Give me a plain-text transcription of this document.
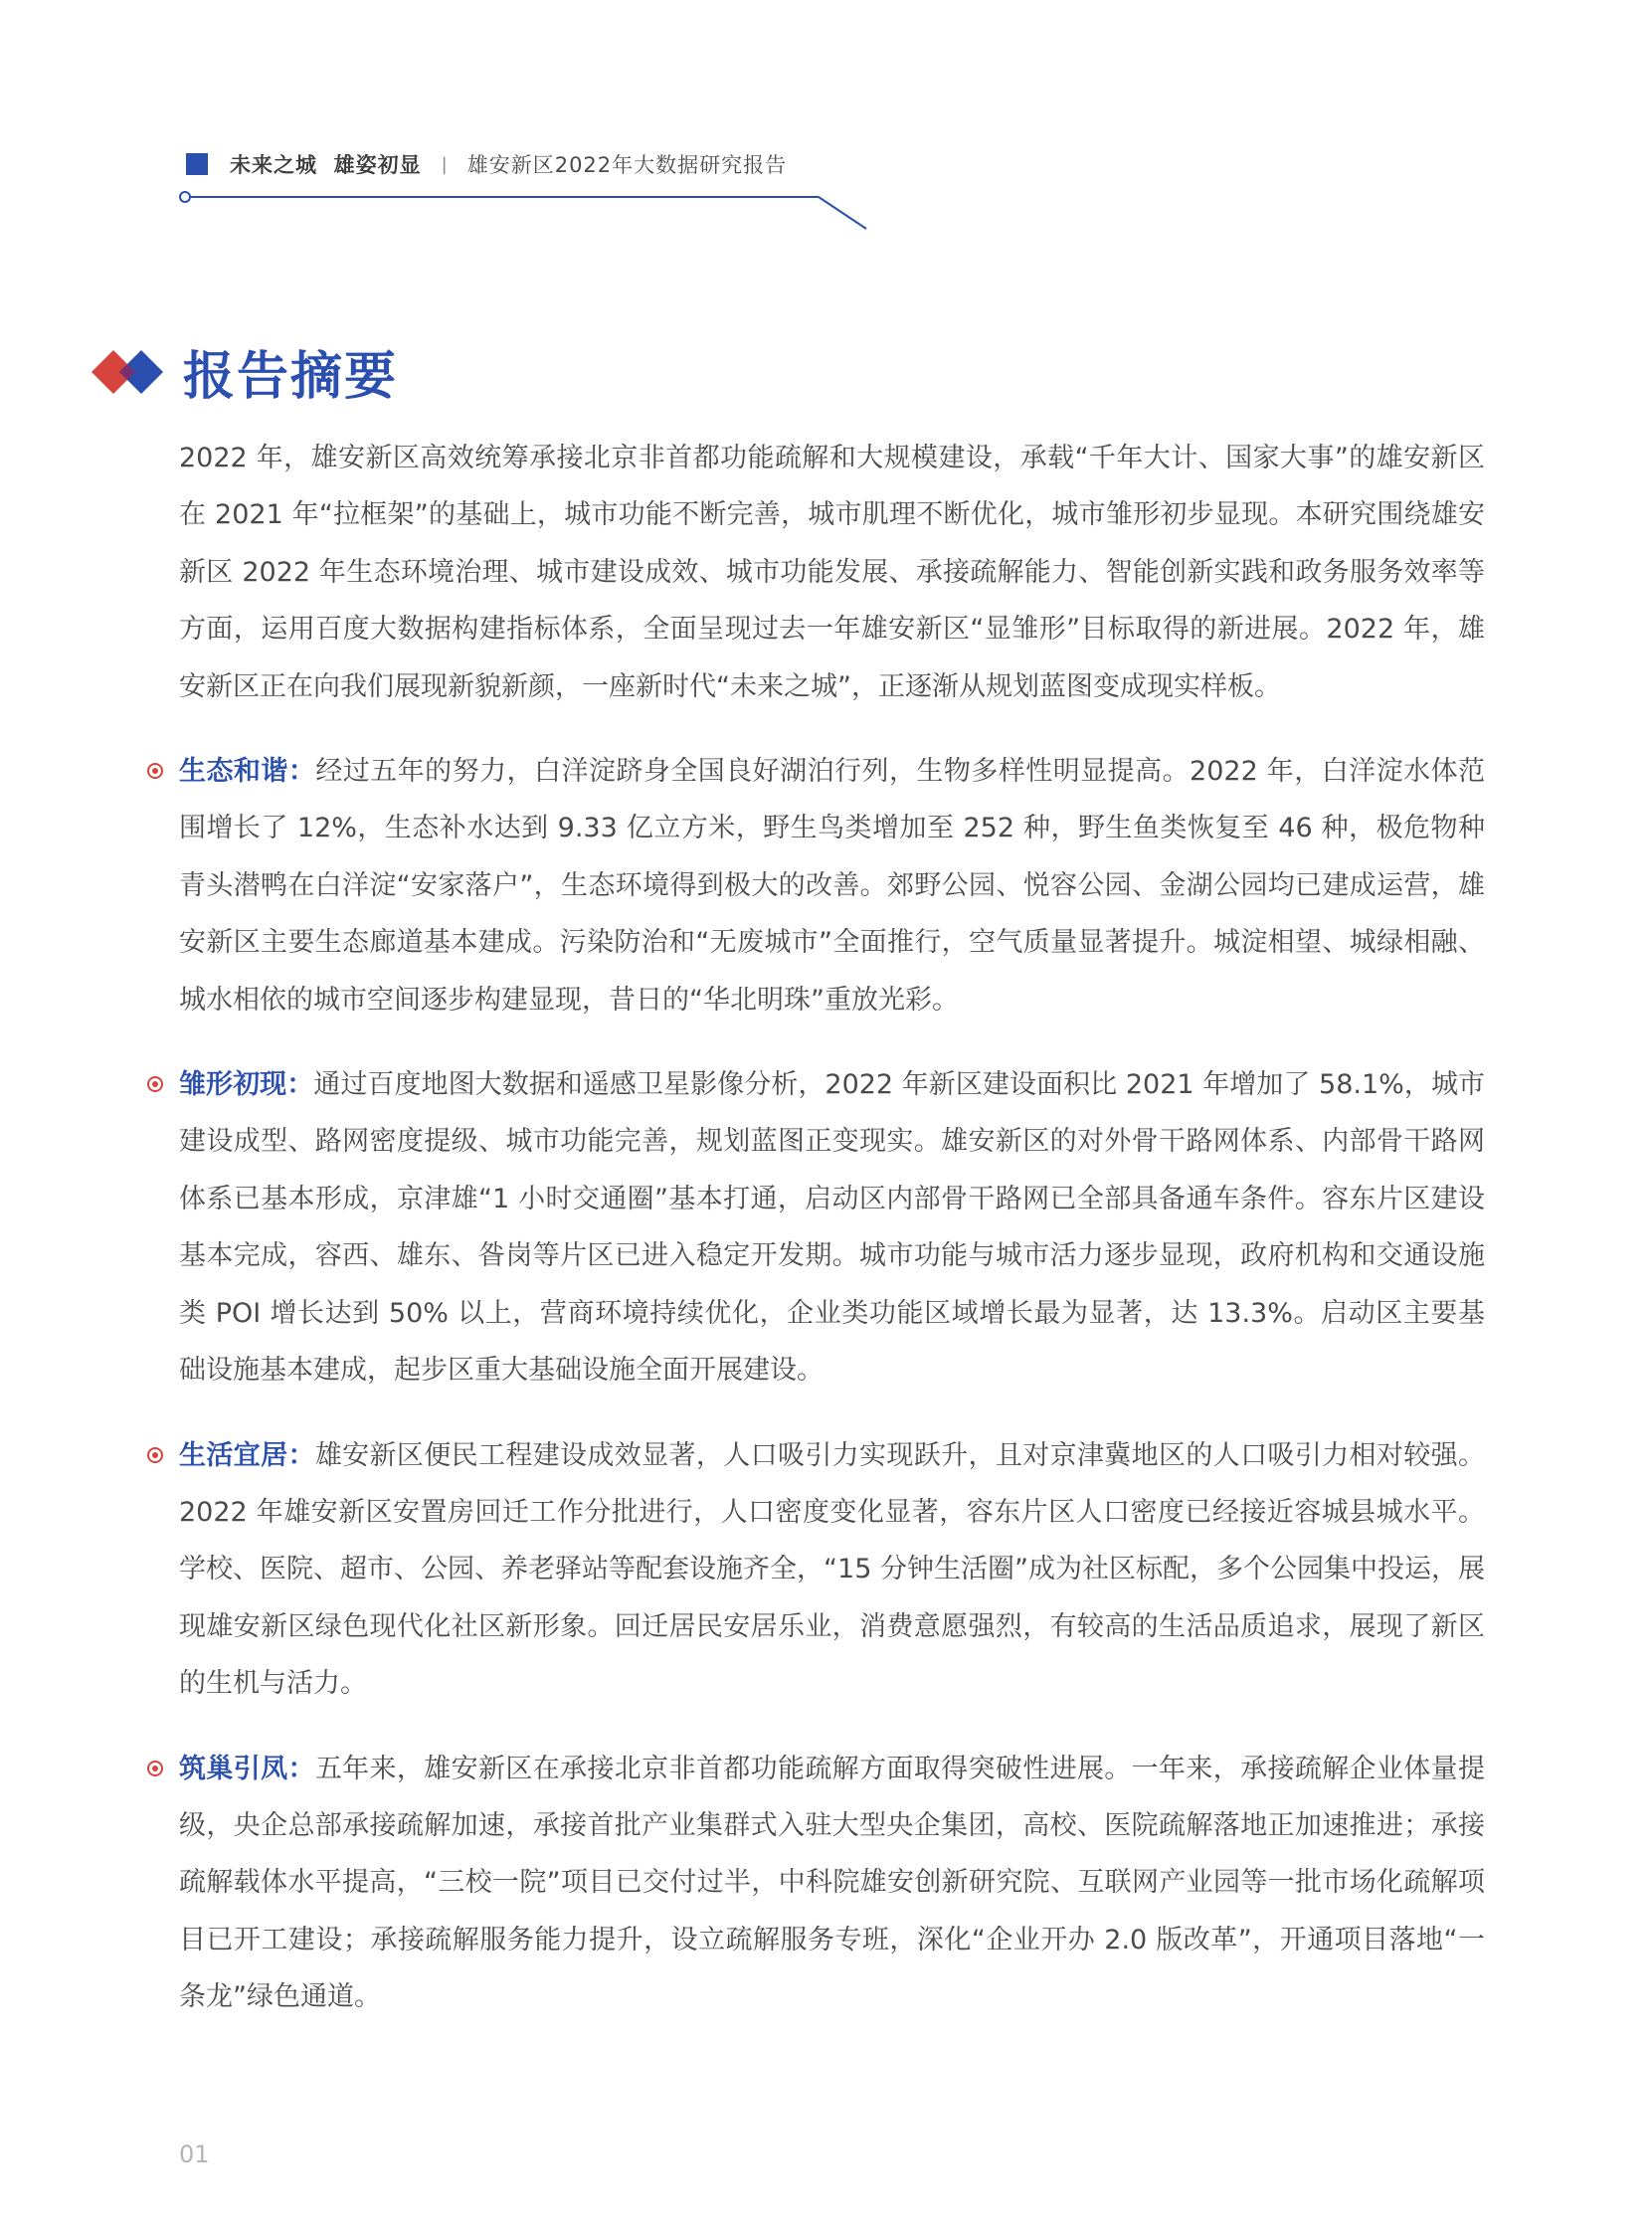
未来之城  雄姿初显 | 雄安新区2022年大数据研究报告
报告摘要

2022 年，雄安新区高效统筹承接北京非首都功能疏解和大规模建设，承载“千年大计、国家大事”的雄安新区在 2021 年“拉框架”的基础上，城市功能不断完善，城市肌理不断优化，城市雏形初步显现。本研究围绕雄安新区 2022 年生态环境治理、城市建设成效、城市功能发展、承接疏解能力、智能创新实践和政务服务效率等方面，运用百度大数据构建指标体系，全面呈现过去一年雄安新区“显雏形”目标取得的新进展。2022 年，雄安新区正在向我们展现新貌新颜，一座新时代“未来之城”，正逐渐从规划蓝图变成现实样板。

生态和谐：经过五年的努力，白洋淀跻身全国良好湖泊行列，生物多样性明显提高。2022 年，白洋淀水体范围增长了 12%，生态补水达到 9.33 亿立方米，野生鸟类增加至 252 种，野生鱼类恢复至 46 种，极危物种青头潜鸭在白洋淀“安家落户”，生态环境得到极大的改善。郊野公园、悦容公园、金湖公园均已建成运营，雄安新区主要生态廊道基本建成。污染防治和“无废城市”全面推行，空气质量显著提升。城淀相望、城绿相融、城水相依的城市空间逐步构建显现，昔日的“华北明珠”重放光彩。

雏形初现：通过百度地图大数据和遥感卫星影像分析，2022 年新区建设面积比 2021 年增加了 58.1%，城市建设成型、路网密度提级、城市功能完善，规划蓝图正变现实。雄安新区的对外骨干路网体系、内部骨干路网体系已基本形成，京津雄“1 小时交通圈”基本打通，启动区内部骨干路网已全部具备通车条件。容东片区建设基本完成，容西、雄东、昝岗等片区已进入稳定开发期。城市功能与城市活力逐步显现，政府机构和交通设施类 POI 增长达到 50% 以上，营商环境持续优化，企业类功能区域增长最为显著，达 13.3%。启动区主要基础设施基本建成，起步区重大基础设施全面开展建设。

生活宜居：雄安新区便民工程建设成效显著，人口吸引力实现跃升，且对京津冀地区的人口吸引力相对较强。2022 年雄安新区安置房回迁工作分批进行，人口密度变化显著，容东片区人口密度已经接近容城县城水平。学校、医院、超市、公园、养老驿站等配套设施齐全，“15 分钟生活圈”成为社区标配，多个公园集中投运，展现雄安新区绿色现代化社区新形象。回迁居民安居乐业，消费意愿强烈，有较高的生活品质追求，展现了新区的生机与活力。

筑巢引凤：五年来，雄安新区在承接北京非首都功能疏解方面取得突破性进展。一年来，承接疏解企业体量提级，央企总部承接疏解加速，承接首批产业集群式入驻大型央企集团，高校、医院疏解落地正加速推进；承接疏解载体水平提高，“三校一院”项目已交付过半，中科院雄安创新研究院、互联网产业园等一批市场化疏解项目已开工建设；承接疏解服务能力提升，设立疏解服务专班，深化“企业开办 2.0 版改革”，开通项目落地“一条龙”绿色通道。

01
